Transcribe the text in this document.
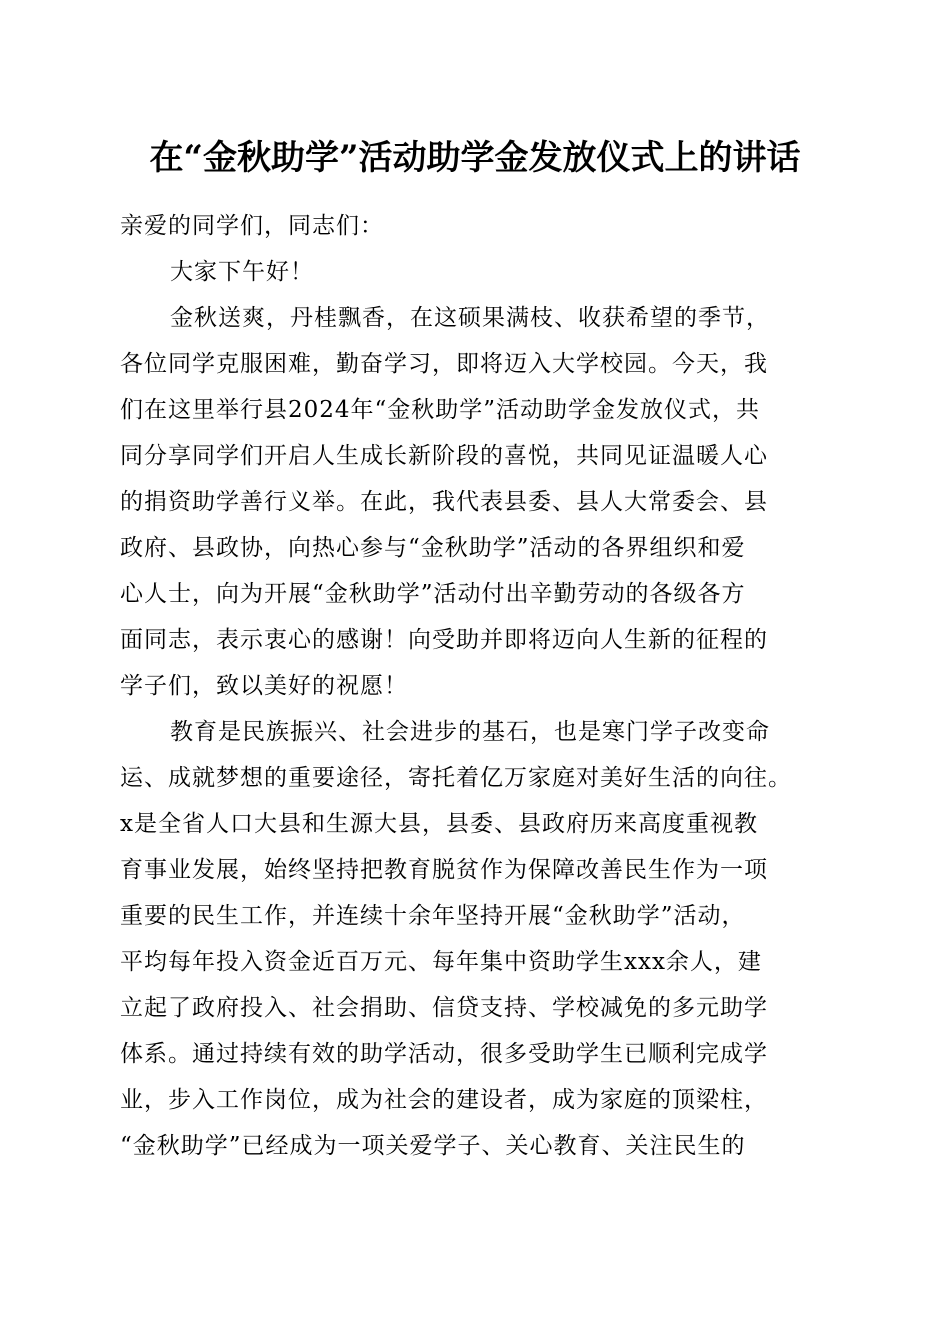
在“金秋助学”活动助学金发放仪式上的讲话
亲爱的同学们，同志们：
大家下午好！
金秋送爽，丹桂飘香，在这硕果满枝、收获希望的季节，
各位同学克服困难，勤奋学习，即将迈入大学校园。今天，我
们在这里举行县2024年“金秋助学”活动助学金发放仪式，共
同分享同学们开启人生成长新阶段的喜悦，共同见证温暖人心
的捐资助学善行义举。在此，我代表县委、县人大常委会、县
政府、县政协，向热心参与“金秋助学”活动的各界组织和爱
心人士，向为开展“金秋助学”活动付出辛勤劳动的各级各方
面同志，表示衷心的感谢！向受助并即将迈向人生新的征程的
学子们，致以美好的祝愿！
教育是民族振兴、社会进步的基石，也是寒门学子改变命
运、成就梦想的重要途径，寄托着亿万家庭对美好生活的向往。
x是全省人口大县和生源大县，县委、县政府历来高度重视教
育事业发展，始终坚持把教育脱贫作为保障改善民生作为一项
重要的民生工作，并连续十余年坚持开展“金秋助学”活动，
平均每年投入资金近百万元、每年集中资助学生xxx余人，建
立起了政府投入、社会捐助、信贷支持、学校减免的多元助学
体系。通过持续有效的助学活动，很多受助学生已顺利完成学
业，步入工作岗位，成为社会的建设者，成为家庭的顶梁柱，
“金秋助学”已经成为一项关爱学子、关心教育、关注民生的
